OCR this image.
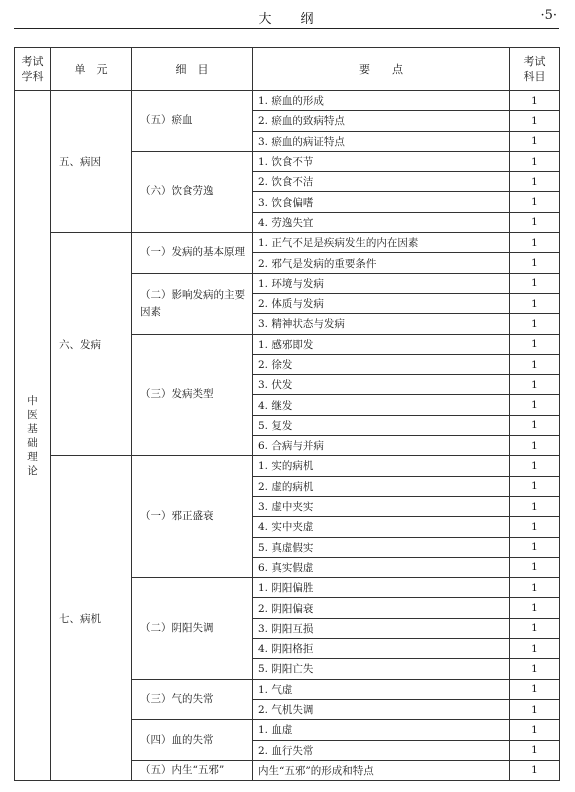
大　　纲	·5·
考试学科	单　元	细　目	要　　点	考试科目
中医基础理论	五、病因	（五）瘀血	1. 瘀血的形成	1
			2. 瘀血的致病特点	1
			3. 瘀血的病证特点	1
		（六）饮食劳逸	1. 饮食不节	1
			2. 饮食不洁	1
			3. 饮食偏嗜	1
			4. 劳逸失宜	1
	六、发病	（一）发病的基本原理	1. 正气不足是疾病发生的内在因素	1
			2. 邪气是发病的重要条件	1
		（二）影响发病的主要因素	1. 环境与发病	1
			2. 体质与发病	1
			3. 精神状态与发病	1
		（三）发病类型	1. 感邪即发	1
			2. 徐发	1
			3. 伏发	1
			4. 继发	1
			5. 复发	1
			6. 合病与并病	1
	七、病机	（一）邪正盛衰	1. 实的病机	1
			2. 虚的病机	1
			3. 虚中夹实	1
			4. 实中夹虚	1
			5. 真虚假实	1
			6. 真实假虚	1
		（二）阴阳失调	1. 阴阳偏胜	1
			2. 阴阳偏衰	1
			3. 阴阳互损	1
			4. 阴阳格拒	1
			5. 阴阳亡失	1
		（三）气的失常	1. 气虚	1
			2. 气机失调	1
		（四）血的失常	1. 血虚	1
			2. 血行失常	1
		（五）内生“五邪”	内生“五邪”的形成和特点	1
